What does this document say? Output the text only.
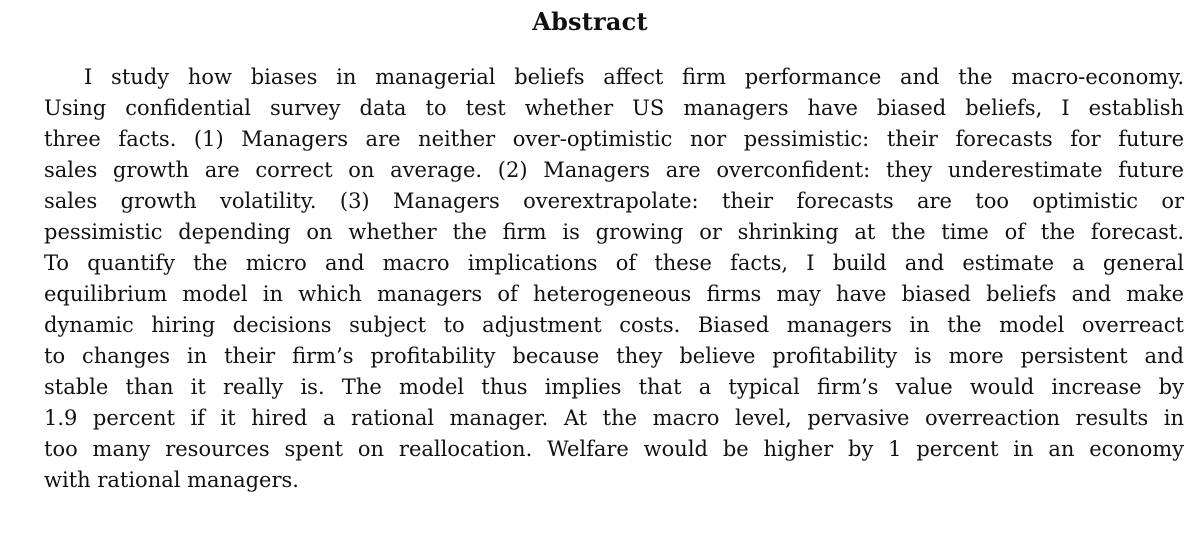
Abstract
I study how biases in managerial beliefs affect firm performance and the macro-economy.
Using confidential survey data to test whether US managers have biased beliefs, I establish
three facts. (1) Managers are neither over-optimistic nor pessimistic: their forecasts for future
sales growth are correct on average. (2) Managers are overconfident: they underestimate future
sales growth volatility. (3) Managers overextrapolate: their forecasts are too optimistic or
pessimistic depending on whether the firm is growing or shrinking at the time of the forecast.
To quantify the micro and macro implications of these facts, I build and estimate a general
equilibrium model in which managers of heterogeneous firms may have biased beliefs and make
dynamic hiring decisions subject to adjustment costs. Biased managers in the model overreact
to changes in their firm’s profitability because they believe profitability is more persistent and
stable than it really is. The model thus implies that a typical firm’s value would increase by
1.9 percent if it hired a rational manager. At the macro level, pervasive overreaction results in
too many resources spent on reallocation. Welfare would be higher by 1 percent in an economy
with rational managers.
